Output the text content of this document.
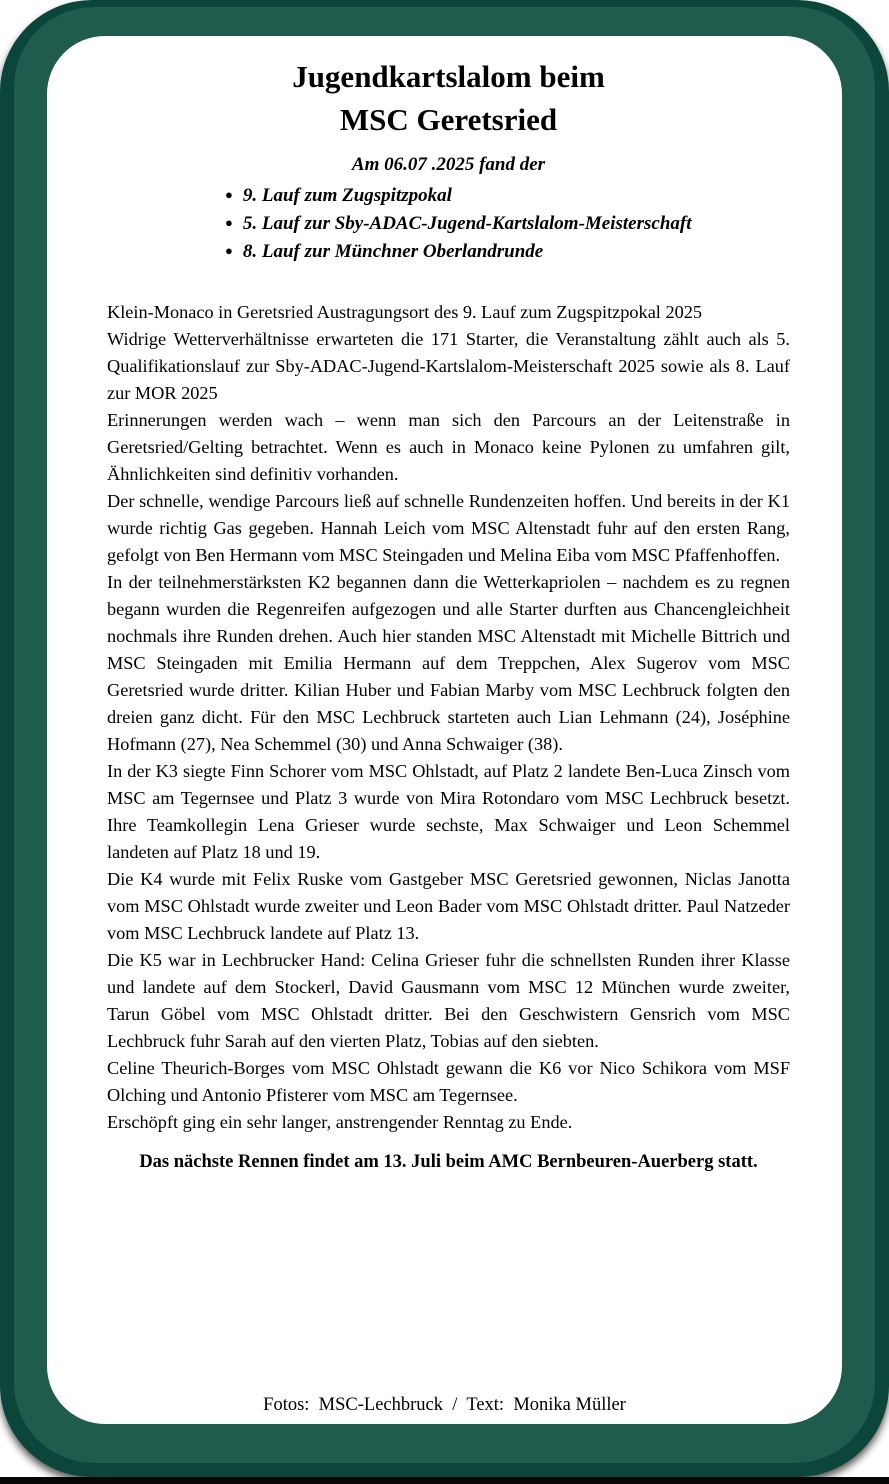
Jugendkartslalom beim
MSC Geretsried
Am 06.07 .2025 fand der
● 9. Lauf zum Zugspitzpokal
● 5. Lauf zur Sby-ADAC-Jugend-Kartslalom-Meisterschaft
● 8. Lauf zur Münchner Oberlandrunde

Klein-Monaco in Geretsried Austragungsort des 9. Lauf zum Zugspitzpokal 2025

Widrige Wetterverhältnisse erwarteten die 171 Starter, die Veranstaltung zählt auch als 5. Qualifikationslauf zur Sby-ADAC-Jugend-Kartslalom-Meisterschaft 2025 sowie als 8. Lauf zur MOR 2025

Erinnerungen werden wach – wenn man sich den Parcours an der Leitenstraße in Geretsried/Gelting betrachtet. Wenn es auch in Monaco keine Pylonen zu umfahren gilt, Ähnlichkeiten sind definitiv vorhanden.

Der schnelle, wendige Parcours ließ auf schnelle Rundenzeiten hoffen. Und bereits in der K1 wurde richtig Gas gegeben. Hannah Leich vom MSC Altenstadt fuhr auf den ersten Rang, gefolgt von Ben Hermann vom MSC Steingaden und Melina Eiba vom MSC Pfaffenhoffen.

In der teilnehmerstärksten K2 begannen dann die Wetterkapriolen – nachdem es zu regnen begann wurden die Regenreifen aufgezogen und alle Starter durften aus Chancengleichheit nochmals ihre Runden drehen. Auch hier standen MSC Altenstadt mit Michelle Bittrich und MSC Steingaden mit Emilia Hermann auf dem Treppchen, Alex Sugerov vom MSC Geretsried wurde dritter. Kilian Huber und Fabian Marby vom MSC Lechbruck folgten den dreien ganz dicht. Für den MSC Lechbruck starteten auch Lian Lehmann (24), Joséphine Hofmann (27), Nea Schemmel (30) und Anna Schwaiger (38).

In der K3 siegte Finn Schorer vom MSC Ohlstadt, auf Platz 2 landete Ben-Luca Zinsch vom MSC am Tegernsee und Platz 3 wurde von Mira Rotondaro vom MSC Lechbruck besetzt. Ihre Teamkollegin Lena Grieser wurde sechste, Max Schwaiger und Leon Schemmel landeten auf Platz 18 und 19.

Die K4 wurde mit Felix Ruske vom Gastgeber MSC Geretsried gewonnen, Niclas Janotta vom MSC Ohlstadt wurde zweiter und Leon Bader vom MSC Ohlstadt dritter. Paul Natzeder vom MSC Lechbruck landete auf Platz 13.

Die K5 war in Lechbrucker Hand: Celina Grieser fuhr die schnellsten Runden ihrer Klasse und landete auf dem Stockerl, David Gausmann vom MSC 12 München wurde zweiter, Tarun Göbel vom MSC Ohlstadt dritter. Bei den Geschwistern Gensrich vom MSC Lechbruck fuhr Sarah auf den vierten Platz, Tobias auf den siebten.

Celine Theurich-Borges vom MSC Ohlstadt gewann die K6 vor Nico Schikora vom MSF Olching und Antonio Pfisterer vom MSC am Tegernsee.

Erschöpft ging ein sehr langer, anstrengender Renntag zu Ende.

Das nächste Rennen findet am 13. Juli beim AMC Bernbeuren-Auerberg statt.
Fotos:  MSC-Lechbruck  /  Text:  Monika Müller
